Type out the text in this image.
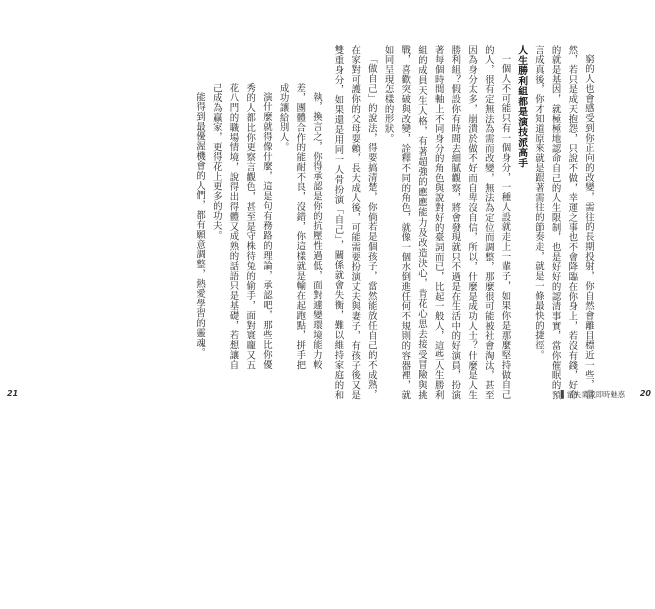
執，換言之，你得承認是你的抗壓性過低，面對遽變環境能力較差，團體合作的能耐不良，沒錯，你這樣就是輸在起跑點，拼手把成功讓給別人。

演什麼就得像什麼，這是句有務路的理論，承認吧，那些比你優秀的人都比你更察言觀色，甚至是守株待兔的偷手，面對寰龐又五花八門的職場情境，說得出得體又成熟的話語只是基礎，若想讓自己成為贏家，更得花上更多的功夫。

能得到最優渥機會的人們，都有願意調整，熱愛學習的靈魂。

21	窮的人也會感受到你正向的改變，需往的長期投射，你自然會離目標近一些，當然，若只是成天抱怨，只說不做，幸運之事也不會降臨在你身上，若沒有錢，好命的就是基因，就極極地認命自己的人生限制，也是好好的認清事實，當你催眠的預言成真後，你才知道原來就是跟著需往的節奏走，就是一條最快的捷徑。

人生勝利組都是演技派高手

一個人不可能只有一個身分，一種人設就走上一輩子，如果你是那麼堅持做自己的人，很有定無法為需而改變，無法為定位而調整，那麼很可能被社會淘汰，甚至因為身分太多，崩潰於做不好而自卑沒自信，所以，什麼是成功人士？什麼是人生勝利組？假設你有時間去細膩觀察，將會發現就只不過是在生活中的好演員，扮演著每個時間軸上不同身分的角色與說對好的臺詞而已，比起一般人，這些人生勝利組的成員天生人格，有著超強的應應能力及改造決心，肯花心思去接受冒險與挑戰，喜歡突破與改變，詮釋不同的角色，就像一個水倒進任何不規則的容器裡，就如同呈現怎樣的形狀。

「做自己」的說法，得要搞清楚，你倘若是個孩子，當然能放任自己的不成熟，在家對可護你的父母耍賴，長大成人後，可能需要扮演丈夫與妻子，有孩子後又是雙重身分，如果還是用同一人骨扮演「自己」，關係就會失衡，難以維持家庭的和	▌當失業成即時魅惑 20
